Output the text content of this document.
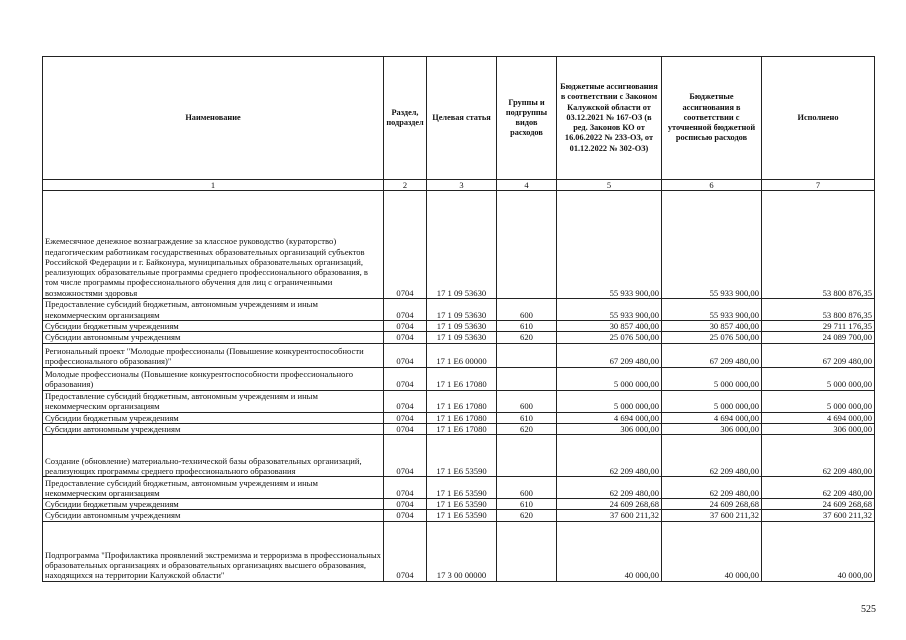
Наименование	Раздел, подраздел	Целевая статья	Группы и подгруппы видов расходов	Бюджетные ассигнования в соответствии с Законом Калужской области от 03.12.2021 № 167-ОЗ (в ред. Законов КО от 16.06.2022 № 233-ОЗ, от 01.12.2022 № 302-ОЗ)	Бюджетные ассигнования в соответствии с уточненной бюджетной росписью расходов	Исполнено
1	2	3	4	5	6	7
Ежемесячное денежное вознаграждение за классное руководство (кураторство) педагогическим работникам государственных образовательных организаций субъектов Российской Федерации и г. Байконура, муниципальных образовательных организаций, реализующих образовательные программы среднего профессионального образования, в том числе программы профессионального обучения для лиц с ограниченными возможностями здоровья	0704	17 1 09 53630		55 933 900,00	55 933 900,00	53 800 876,35
Предоставление субсидий бюджетным, автономным учреждениям и иным некоммерческим организациям	0704	17 1 09 53630	600	55 933 900,00	55 933 900,00	53 800 876,35
Субсидии бюджетным учреждениям	0704	17 1 09 53630	610	30 857 400,00	30 857 400,00	29 711 176,35
Субсидии автономным учреждениям	0704	17 1 09 53630	620	25 076 500,00	25 076 500,00	24 089 700,00
Региональный проект "Молодые профессионалы (Повышение конкурентоспособности профессионального образования)"	0704	17 1 Е6 00000		67 209 480,00	67 209 480,00	67 209 480,00
Молодые профессионалы (Повышение конкурентоспособности профессионального образования)	0704	17 1 Е6 17080		5 000 000,00	5 000 000,00	5 000 000,00
Предоставление субсидий бюджетным, автономным учреждениям и иным некоммерческим организациям	0704	17 1 Е6 17080	600	5 000 000,00	5 000 000,00	5 000 000,00
Субсидии бюджетным учреждениям	0704	17 1 Е6 17080	610	4 694 000,00	4 694 000,00	4 694 000,00
Субсидии автономным учреждениям	0704	17 1 Е6 17080	620	306 000,00	306 000,00	306 000,00
Создание (обновление) материально-технической базы образовательных организаций, реализующих программы среднего профессионального образования	0704	17 1 Е6 53590		62 209 480,00	62 209 480,00	62 209 480,00
Предоставление субсидий бюджетным, автономным учреждениям и иным некоммерческим организациям	0704	17 1 Е6 53590	600	62 209 480,00	62 209 480,00	62 209 480,00
Субсидии бюджетным учреждениям	0704	17 1 Е6 53590	610	24 609 268,68	24 609 268,68	24 609 268,68
Субсидии автономным учреждениям	0704	17 1 Е6 53590	620	37 600 211,32	37 600 211,32	37 600 211,32
Подпрограмма "Профилактика проявлений экстремизма и терроризма в профессиональных образовательных организациях и образовательных организациях высшего образования, находящихся на территории Калужской области"	0704	17 3 00 00000		40 000,00	40 000,00	40 000,00
525
